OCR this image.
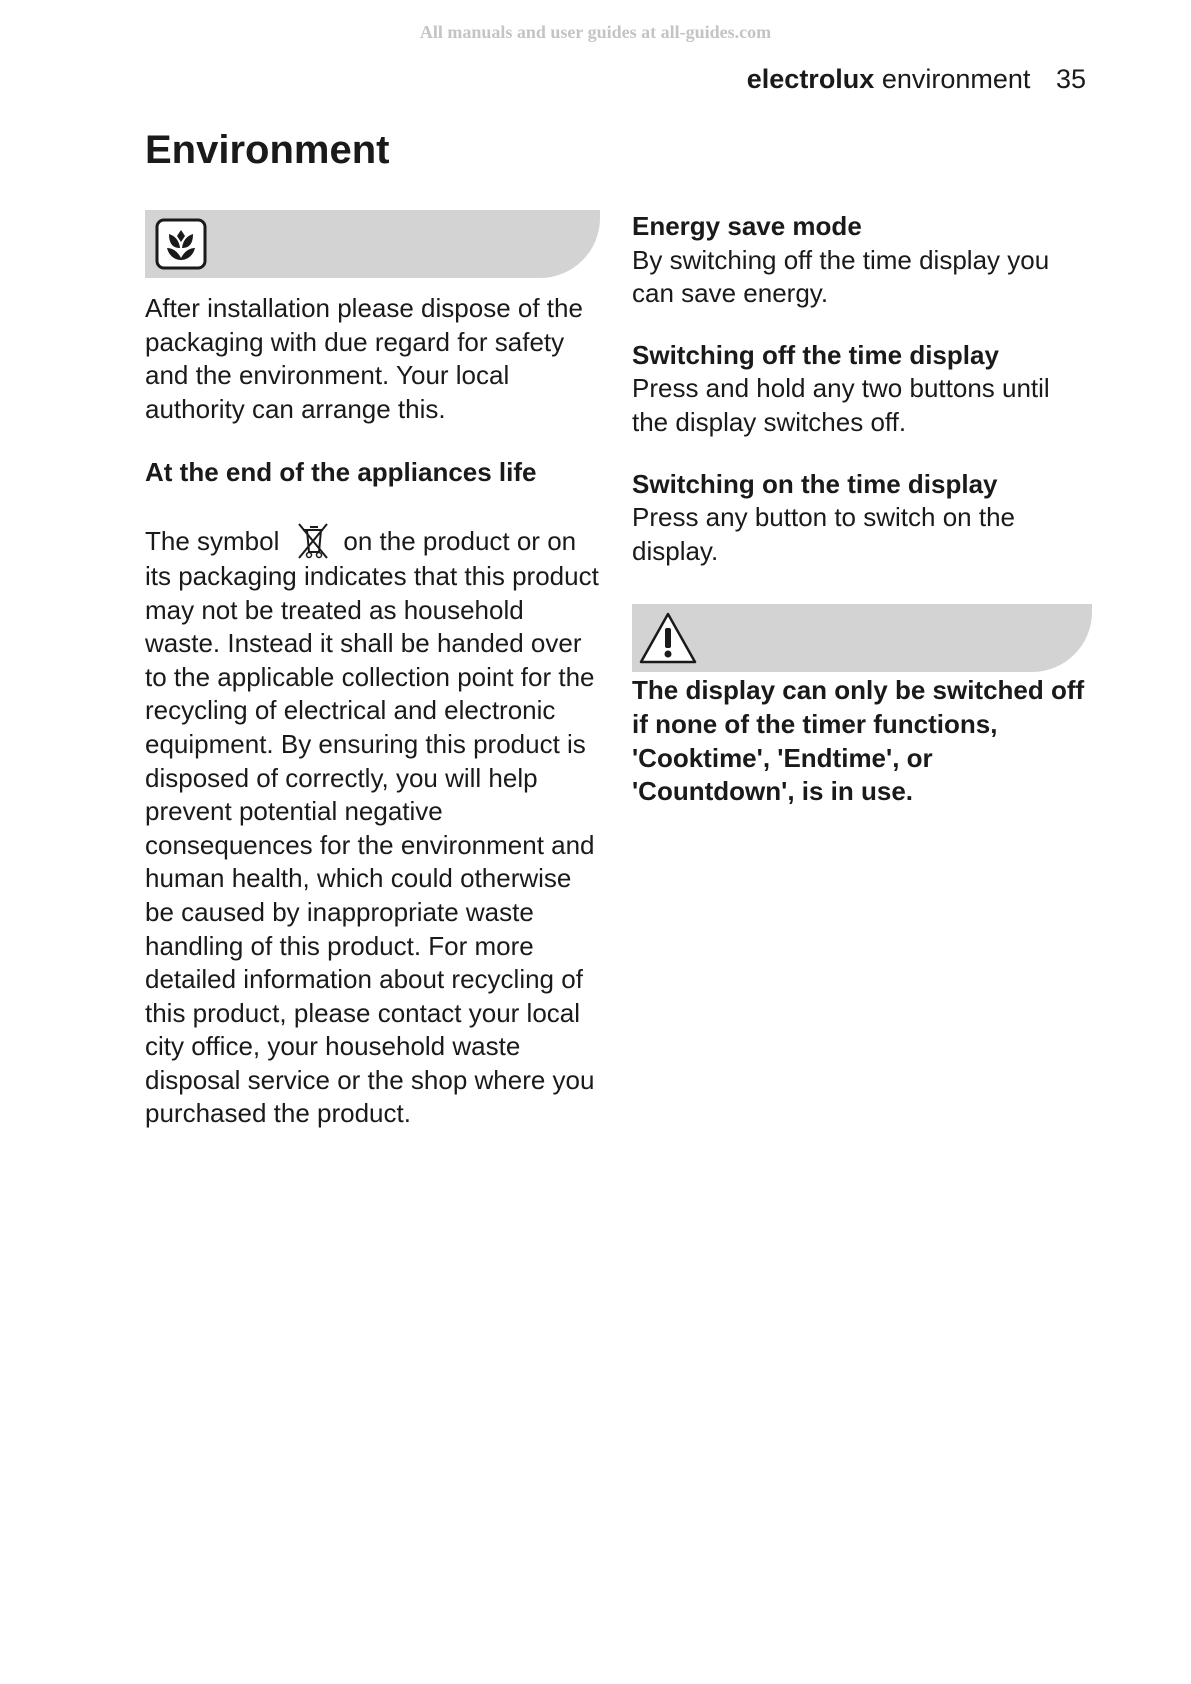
All manuals and user guides at all-guides.com
electrolux environment 35
Environment

After installation please dispose of the packaging with due regard for safety and the environment. Your local authority can arrange this.

At the end of the appliances life

The symbol on the product or on its packaging indicates that this product may not be treated as household waste. Instead it shall be handed over to the applicable collection point for the recycling of electrical and electronic equipment. By ensuring this product is disposed of correctly, you will help prevent potential negative consequences for the environment and human health, which could otherwise be caused by inappropriate waste handling of this product. For more detailed information about recycling of this product, please contact your local city office, your household waste disposal service or the shop where you purchased the product.

Energy save mode

By switching off the time display you can save energy.

Switching off the time display

Press and hold any two buttons until the display switches off.

Switching on the time display

Press any button to switch on the display.

The display can only be switched off if none of the timer functions, 'Cooktime', 'Endtime', or 'Countdown', is in use.
